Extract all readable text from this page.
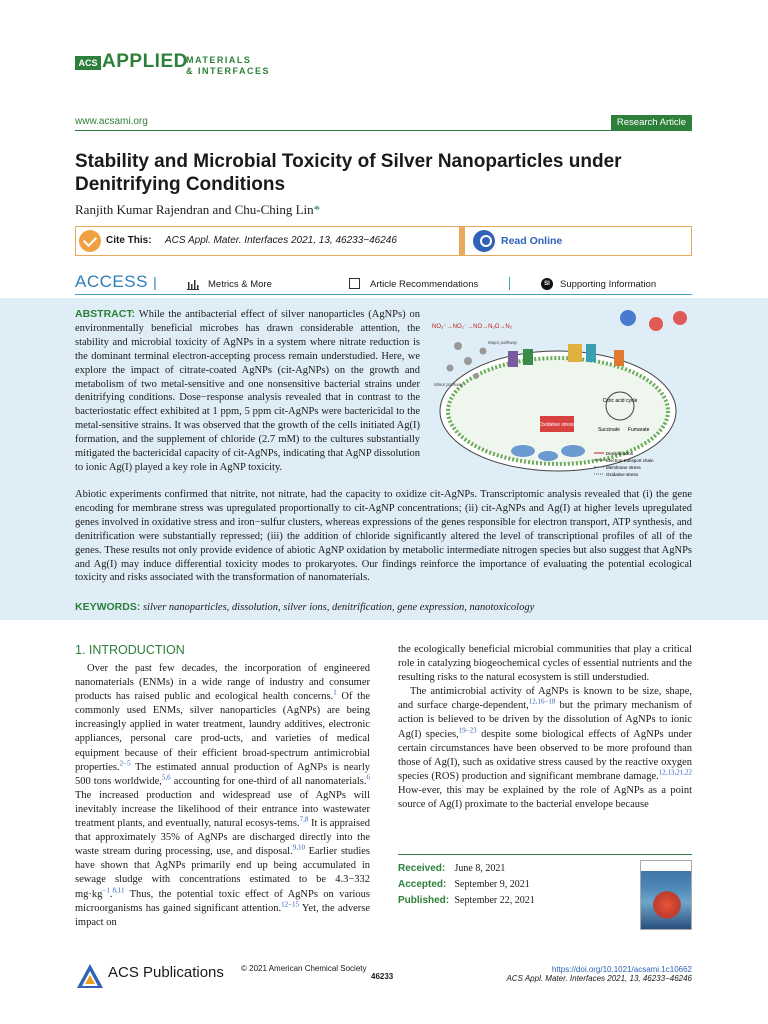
ACS APPLIED
MATERIALS
& INTERFACES
www.acsami.org	Research Article
Stability and Microbial Toxicity of Silver Nanoparticles under Denitrifying Conditions
Ranjith Kumar Rajendran and Chu-Ching Lin*
Cite This: ACS Appl. Mater. Interfaces 2021, 13, 46233−46246	Read Online
ACCESS |	Metrics & More	Article Recommendations	SI	Supporting Information
ABSTRACT: While the antibacterial effect of silver nanoparticles (AgNPs) on environmentally beneficial microbes has drawn considerable attention, the stability and microbial toxicity of AgNPs in a system where nitrate reduction is the dominant terminal electron-accepting process remain understudied. Here, we explore the impact of citrate-coated AgNPs (cit-AgNPs) on the growth and metabolism of two metal-sensitive and one nonsensitive bacterial strains under denitrifying conditions. Dose−response analysis revealed that in contrast to the bacteriostatic effect exhibited at 1 ppm, 5 ppm cit-AgNPs were bactericidal to the metal-sensitive strains. It was observed that the growth of the cells initiated Ag(I) formation, and the supplement of chloride (2.7 mM) to the cultures substantially mitigated the bactericidal capacity of cit-AgNPs, indicating that AgNP dissolution to ionic Ag(I) played a key role in AgNP toxicity.
Citric acid cycle
Succinate Fumarate
Oxidative stress
NO₃⁻→NO₂⁻→NO→N₂O→N₂
Major pathway
Minor pathway
Denitrification
Electron transport chain
Membrane stress
Oxidative stress
Abiotic experiments confirmed that nitrite, not nitrate, had the capacity to oxidize cit-AgNPs. Transcriptomic analysis revealed that (i) the gene encoding for membrane stress was upregulated proportionally to cit-AgNP concentrations; (ii) cit-AgNPs and Ag(I) at higher levels upregulated genes involved in oxidative stress and iron−sulfur clusters, whereas expressions of the genes responsible for electron transport, ATP synthesis, and denitrification were substantially repressed; (iii) the addition of chloride significantly altered the level of transcriptional profiles of all of the genes. These results not only provide evidence of abiotic AgNP oxidation by metabolic intermediate nitrogen species but also suggest that AgNPs and Ag(I) may induce differential toxicity modes to prokaryotes. Our findings reinforce the importance of evaluating the potential ecological toxicity and risks associated with the transformation of nanomaterials.
KEYWORDS: silver nanoparticles, dissolution, silver ions, denitrification, gene expression, nanotoxicology
1. INTRODUCTION

Over the past few decades, the incorporation of engineered nanomaterials (ENMs) in a wide range of industry and consumer products has raised public and ecological health concerns.$^1$ Of the commonly used ENMs, silver nanoparticles (AgNPs) are being increasingly applied in water treatment, laundry additives, electronic appliances, personal care prod-ucts, and varieties of medical equipment because of their efficient broad-spectrum antimicrobial properties.$^{2-5}$ The estimated annual production of AgNPs is nearly 500 tons worldwide,$^{5,6}$ accounting for one-third of all nanomaterials.$^6$ The increased production and widespread use of AgNPs will inevitably increase the likelihood of their entrance into wastewater treatment plants, and eventually, natural ecosys-tems.$^{7,8}$ It is appraised that approximately 35% of AgNPs are discharged directly into the waste stream during processing, use, and disposal.$^{9,10}$ Earlier studies have shown that AgNPs primarily end up being accumulated in sewage sludge with concentrations estimated to be 4.3−332 $mg\cdot kg^{-1}.^{8,11}$ Thus, the potential toxic effect of AgNPs on various microorganisms has gained significant attention.$^{12-15}$ Yet, the adverse impact on

the ecologically beneficial microbial communities that play a critical role in catalyzing biogeochemical cycles of essential nutrients and the resulting risks to the natural ecosystem is still understudied.

The antimicrobial activity of AgNPs is known to be size, shape, and surface charge-dependent,$^{12,16-18}$ but the primary mechanism of action is believed to be driven by the dissolution of AgNPs to ionic Ag(I) species,$^{19-23}$ despite some biological effects of AgNPs under certain circumstances have been observed to be more profound than those of Ag(I), such as oxidative stress caused by the reactive oxygen species (ROS) production and significant membrane damage.$^{12,13,21,22}$ How-ever, this may be explained by the role of AgNPs as a point source of Ag(I) proximate to the bacterial envelope because

Received: June 8, 2021
Accepted: September 9, 2021
Published: September 22, 2021
ACS Publications © 2021 American Chemical Society
46233
https://doi.org/10.1021/acsami.1c10662
ACS Appl. Mater. Interfaces 2021, 13, 46233−46246
